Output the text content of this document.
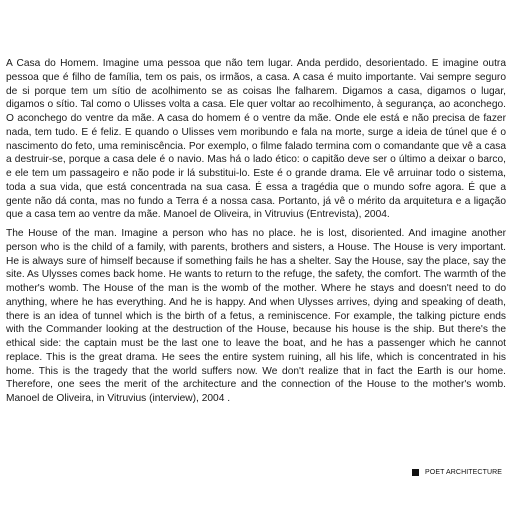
A Casa do Homem. Imagine uma pessoa que não tem lugar. Anda perdido, desorientado. E imagine outra pessoa que é filho de família, tem os pais, os irmãos, a casa. A casa é muito importante. Vai sempre seguro de si porque tem um sítio de acolhimento se as coisas lhe falharem. Digamos a casa, digamos o lugar, digamos o sítio. Tal como o Ulisses volta a casa. Ele quer voltar ao recolhimento, à segurança, ao aconchego. O aconchego do ventre da mãe. A casa do homem é o ventre da mãe. Onde ele está e não precisa de fazer nada, tem tudo. E é feliz. E quando o Ulisses vem moribundo e fala na morte, surge a ideia de túnel que é o nascimento do feto, uma reminiscência. Por exemplo, o filme falado termina com o comandante que vê a casa a destruir-se, porque a casa dele é o navio. Mas há o lado ético: o capitão deve ser o último a deixar o barco, e ele tem um passageiro e não pode ir lá substitui-lo. Este é o grande drama. Ele vê arruinar todo o sistema, toda a sua vida, que está concentrada na sua casa. É essa a tragédia que o mundo sofre agora. É que a gente não dá conta, mas no fundo a Terra é a nossa casa. Portanto, já vê o mérito da arquitetura e a ligação que a casa tem ao ventre da mãe. Manoel de Oliveira, in Vitruvius (Entrevista), 2004.

The House of the man. Imagine a person who has no place. he is lost, disoriented. And imagine another person who is the child of a family, with parents, brothers and sisters, a House. The House is very important. He is always sure of himself because if something fails he has a shelter. Say the House, say the place, say the site. As Ulysses comes back home. He wants to return to the refuge, the safety, the comfort. The warmth of the mother's womb. The House of the man is the womb of the mother. Where he stays and doesn't need to do anything, where he has everything. And he is happy. And when Ulysses arrives, dying and speaking of death, there is an idea of tunnel which is the birth of a fetus, a reminiscence. For example, the talking picture ends with the Commander looking at the destruction of the House, because his house is the ship. But there's the ethical side: the captain must be the last one to leave the boat, and he has a passenger which he cannot replace. This is the great drama. He sees the entire system ruining, all his life, which is concentrated in his home. This is the tragedy that the world suffers now. We don't realize that in fact the Earth is our home. Therefore, one sees the merit of the architecture and the connection of the House to the mother's womb. Manoel de Oliveira, in Vitruvius (interview), 2004 .

POET ARCHITECTURE
